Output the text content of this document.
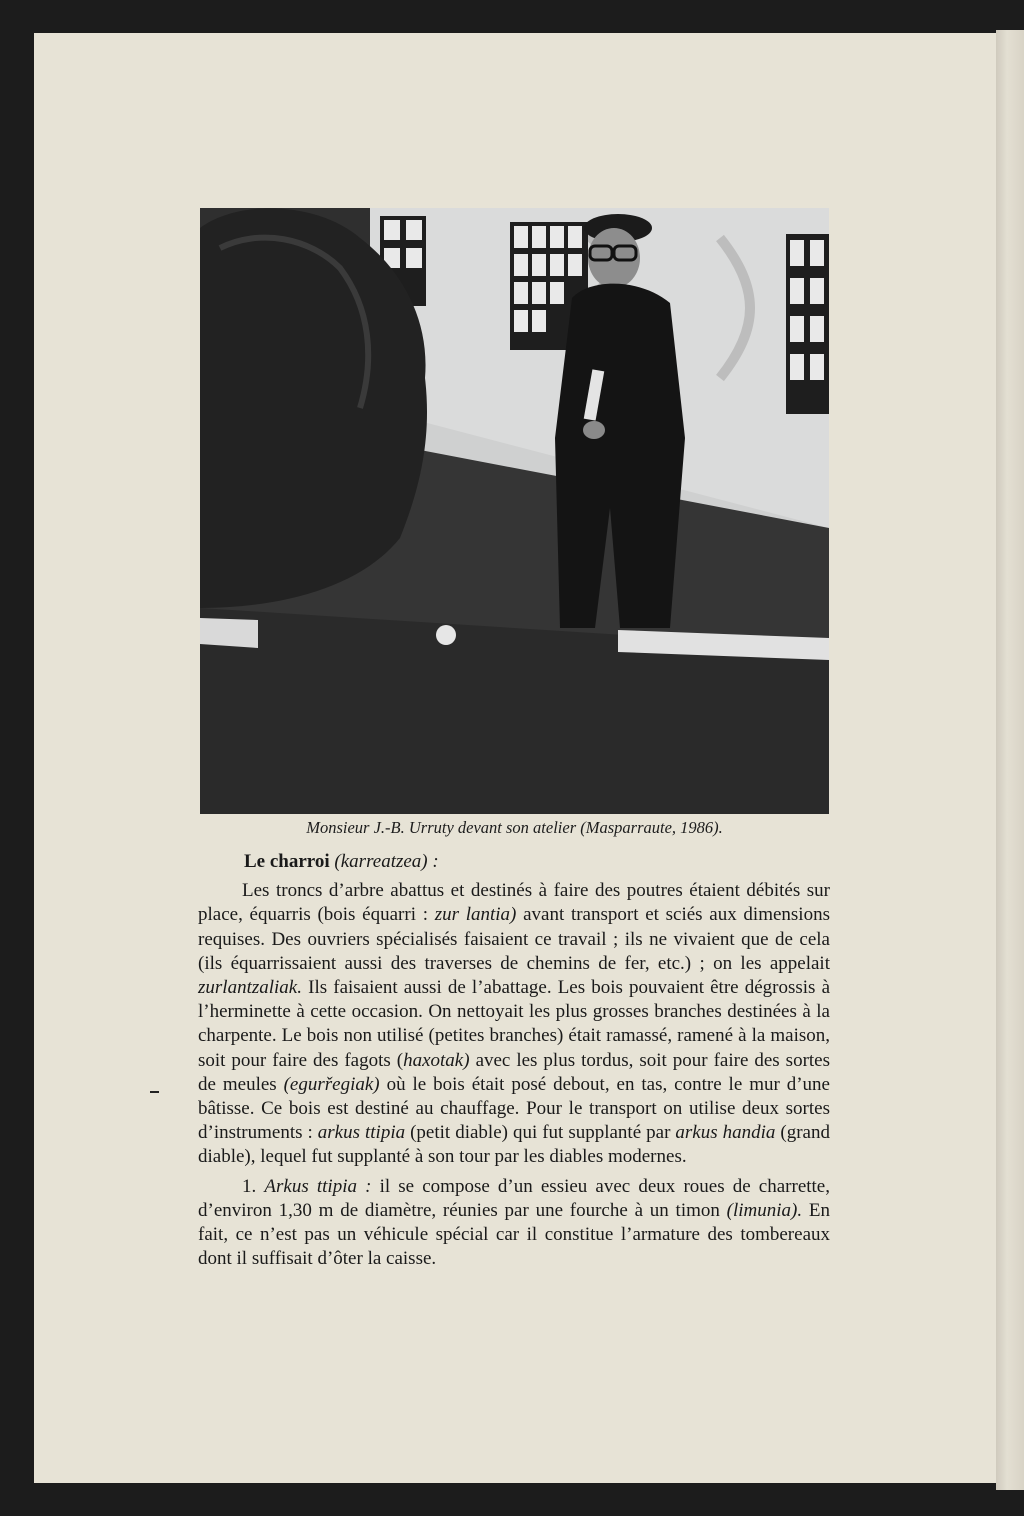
Monsieur J.-B. Urruty devant son atelier (Masparraute, 1986).

Le charroi (karreatzea) :

Les troncs d’arbre abattus et destinés à faire des poutres étaient débités sur place, équarris (bois équarri : zur lantia) avant transport et sciés aux dimensions requises. Des ouvriers spécialisés faisaient ce travail ; ils ne vivaient que de cela (ils équarrissaient aussi des traverses de chemins de fer, etc.) ; on les appelait zurlantzaliak. Ils faisaient aussi de l’abattage. Les bois pouvaient être dégrossis à l’herminette à cette occasion. On nettoyait les plus grosses branches destinées à la charpente. Le bois non utilisé (petites branches) était ramassé, ramené à la maison, soit pour faire des fagots (haxotak) avec les plus tordus, soit pour faire des sortes de meules (egurřegiak) où le bois était posé debout, en tas, contre le mur d’une bâtisse. Ce bois est destiné au chauffage. Pour le transport on utilise deux sortes d’instruments : arkus ttipia (petit diable) qui fut supplanté par arkus handia (grand diable), lequel fut supplanté à son tour par les diables modernes.

1. Arkus ttipia : il se compose d’un essieu avec deux roues de charrette, d’environ 1,30 m de diamètre, réunies par une fourche à un timon (limunia). En fait, ce n’est pas un véhicule spécial car il constitue l’armature des tombereaux dont il suffisait d’ôter la caisse.
